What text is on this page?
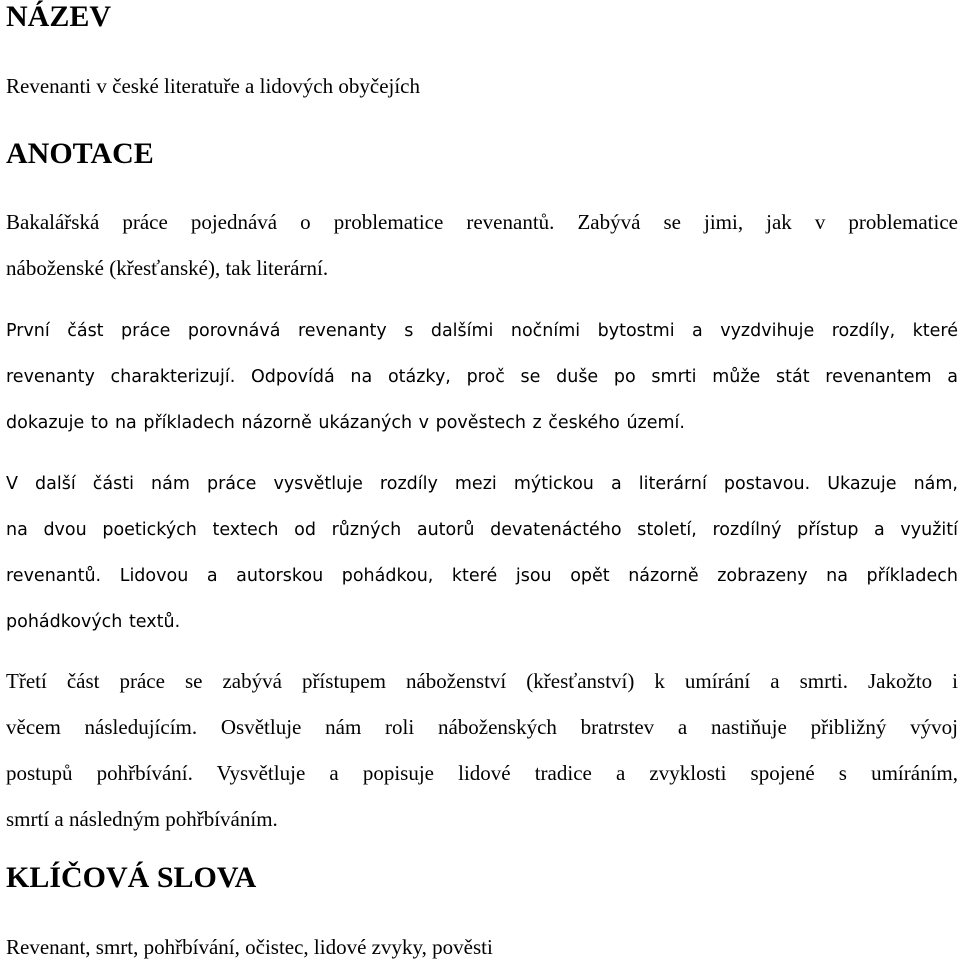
NÁZEV

Revenanti v české literatuře a lidových obyčejích

ANOTACE

Bakalářská práce pojednává o problematice revenantů. Zabývá se jimi, jak v problematice
náboženské (křesťanské), tak literární.

První část práce porovnává revenanty s dalšími nočními bytostmi a vyzdvihuje rozdíly, které
revenanty charakterizují. Odpovídá na otázky, proč se duše po smrti může stát revenantem a
dokazuje to na příkladech názorně ukázaných v pověstech z českého území.

V další části nám práce vysvětluje rozdíly mezi mýtickou a literární postavou. Ukazuje nám,
na dvou poetických textech od různých autorů devatenáctého století, rozdílný přístup a využití
revenantů. Lidovou a autorskou pohádkou, které jsou opět názorně zobrazeny na příkladech
pohádkových textů.

Třetí část práce se zabývá přístupem náboženství (křesťanství) k umírání a smrti. Jakožto i
věcem následujícím. Osvětluje nám roli náboženských bratrstev a nastiňuje přibližný vývoj
postupů pohřbívání. Vysvětluje a popisuje lidové tradice a zvyklosti spojené s umíráním,
smrtí a následným pohřbíváním.

KLÍČOVÁ SLOVA

Revenant, smrt, pohřbívání, očistec, lidové zvyky, pověsti
